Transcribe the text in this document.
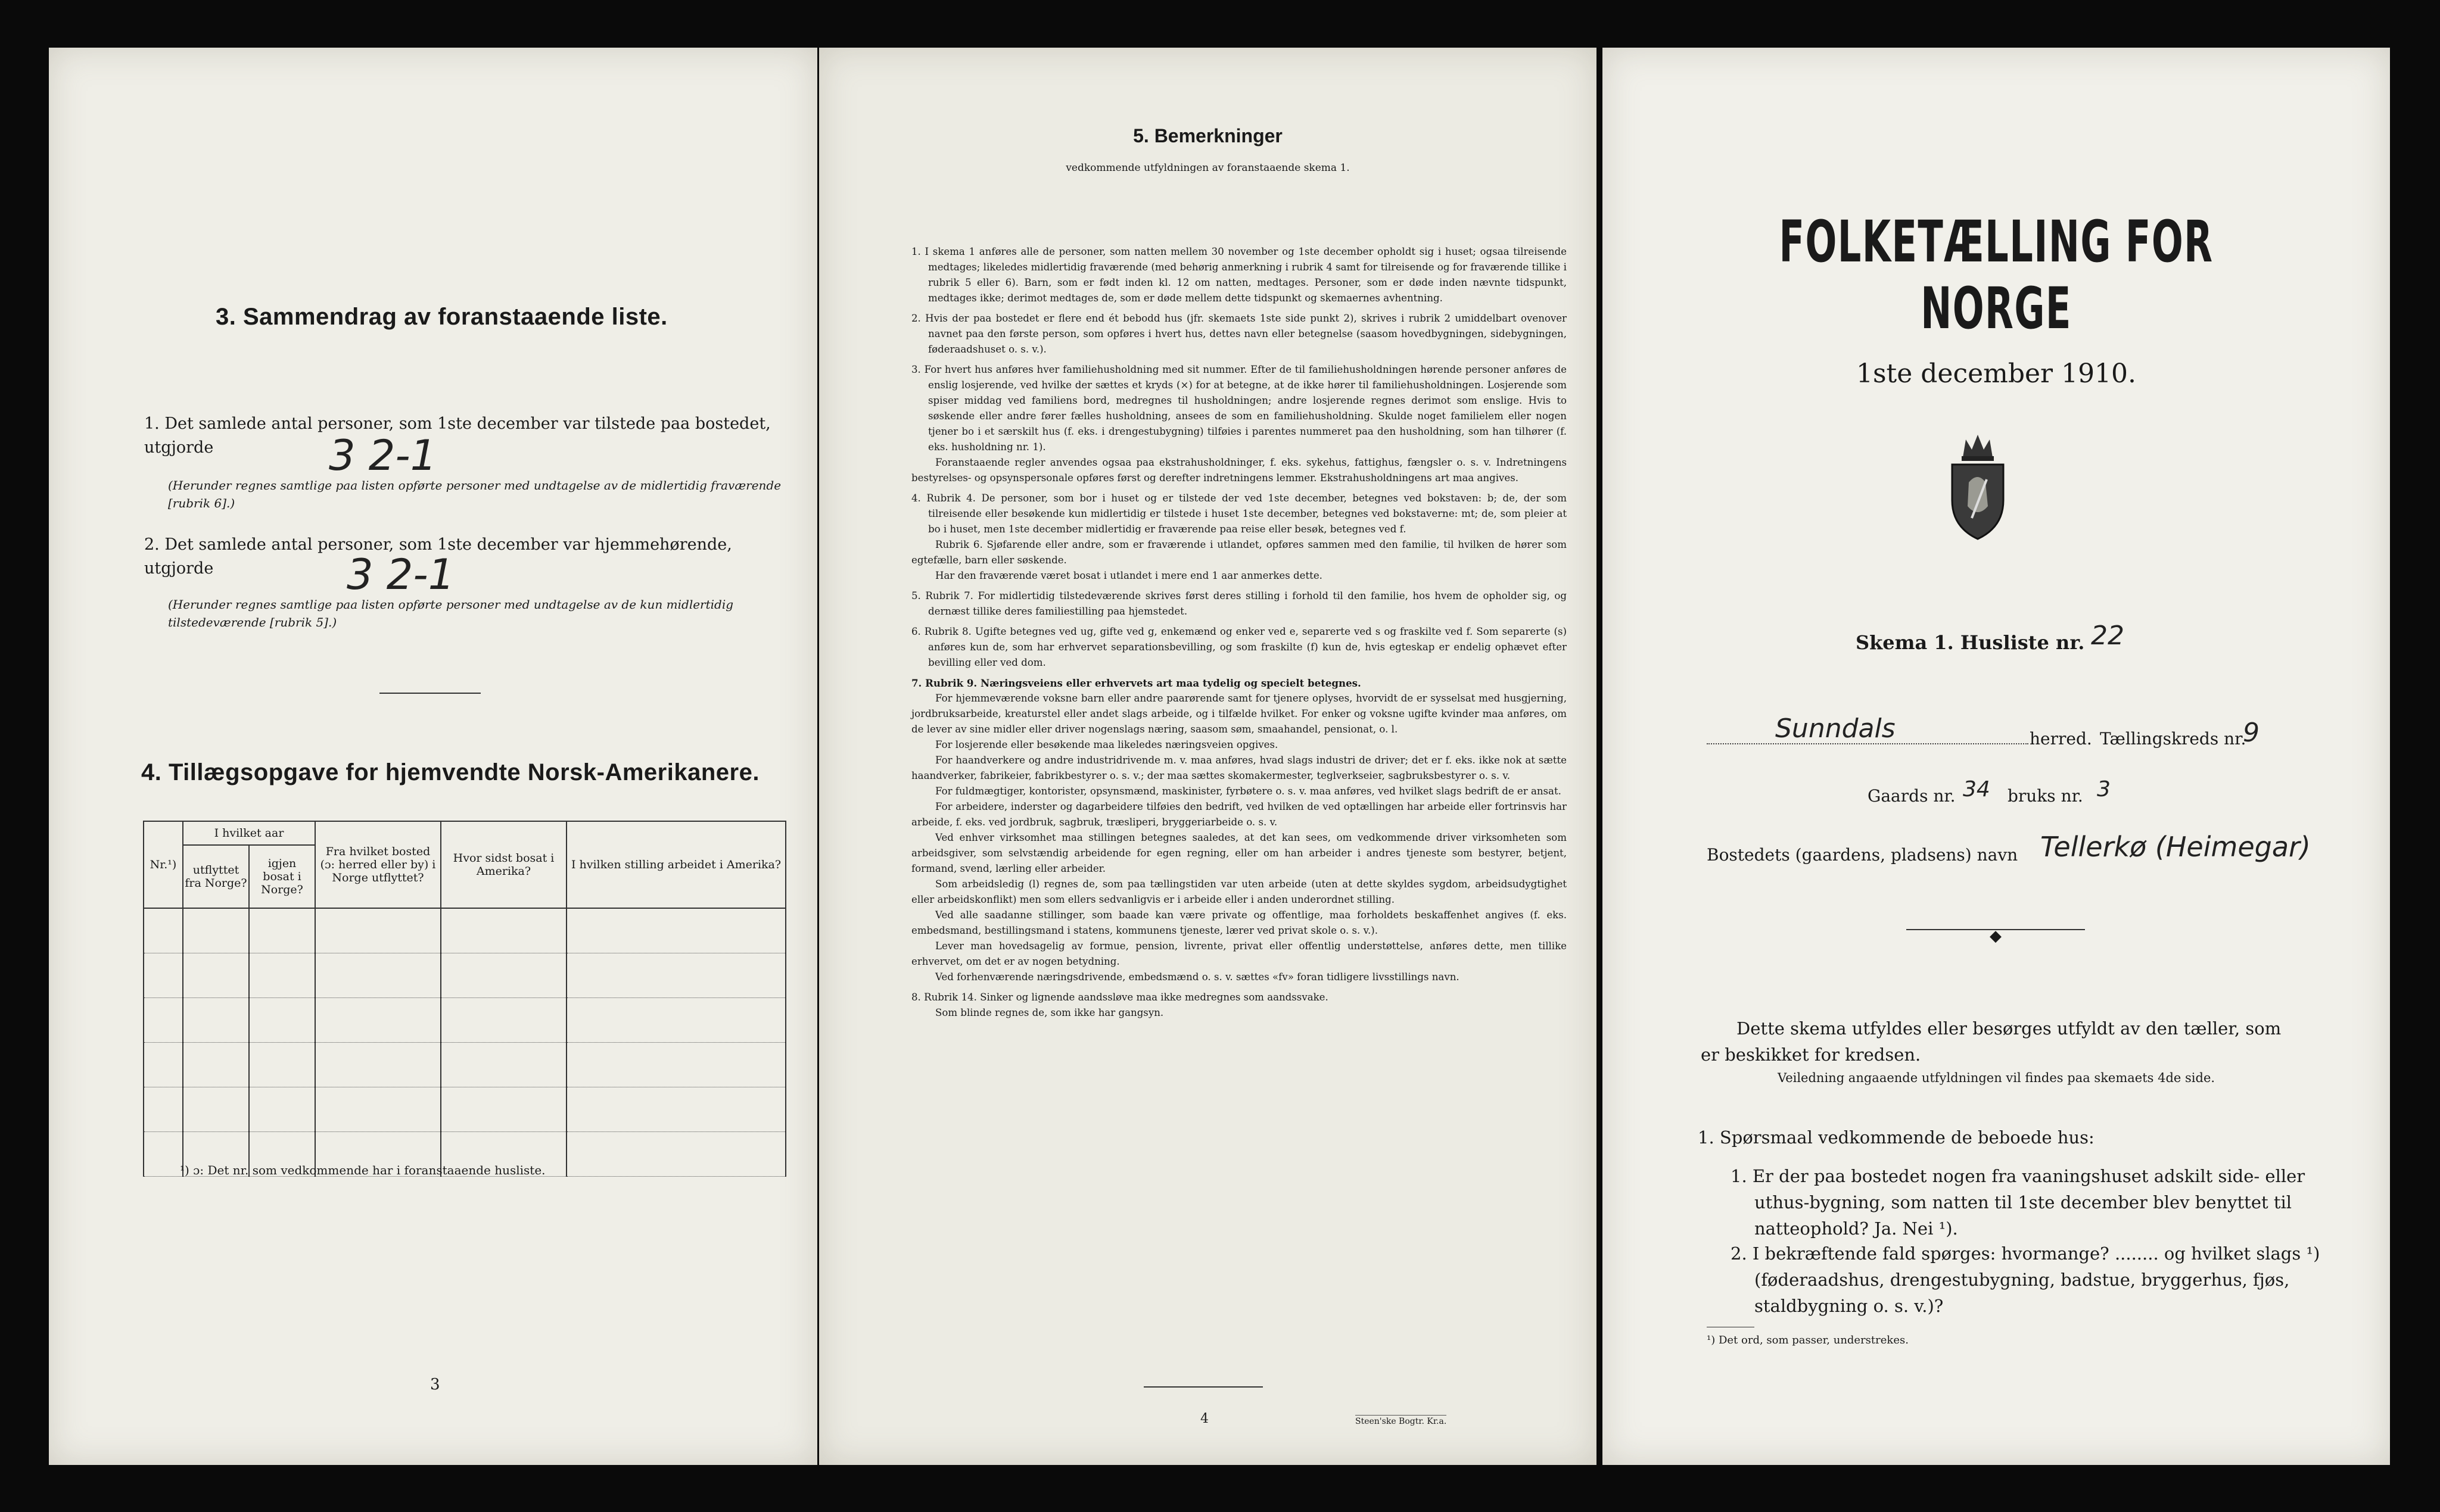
3. Sammendrag av foranstaaende liste.
1. Det samlede antal personer, som 1ste december var tilstede paa bostedet, utgjorde	3 2-1
(Herunder regnes samtlige paa listen opførte personer med undtagelse av de midlertidig fraværende [rubrik 6].)
2. Det samlede antal personer, som 1ste december var hjemmehørende, utgjorde	3 2-1
(Herunder regnes samtlige paa listen opførte personer med undtagelse av de kun midlertidig tilstedeværende [rubrik 5].)
4. Tillægsopgave for hjemvendte Norsk-Amerikanere.
Nr.¹)	I hvilket aar		Fra hvilket bosted (ɔ: herred eller by) i Norge utflyttet?	Hvor sidst bosat i Amerika?	I hvilken stilling arbeidet i Amerika?
	utflyttet fra Norge?	igjen bosat i Norge?			

¹) ɔ: Det nr. som vedkommende har i foranstaaende husliste.
3
5. Bemerkninger
vedkommende utfyldningen av foranstaaende skema 1.

1. I skema 1 anføres alle de personer, som natten mellem 30 november og 1ste december opholdt sig i huset; ogsaa tilreisende medtages; likeledes midlertidig fraværende (med behørig anmerkning i rubrik 4 samt for tilreisende og for fraværende tillike i rubrik 5 eller 6). Barn, som er født inden kl. 12 om natten, medtages. Personer, som er døde inden nævnte tidspunkt, medtages ikke; derimot medtages de, som er døde mellem dette tidspunkt og skemaernes avhentning.

2. Hvis der paa bostedet er flere end ét bebodd hus (jfr. skemaets 1ste side punkt 2), skrives i rubrik 2 umiddelbart ovenover navnet paa den første person, som opføres i hvert hus, dettes navn eller betegnelse (saasom hovedbygningen, sidebygningen, føderaadshuset o. s. v.).

3. For hvert hus anføres hver familiehusholdning med sit nummer. Efter de til familiehusholdningen hørende personer anføres de enslig losjerende, ved hvilke der sættes et kryds (×) for at betegne, at de ikke hører til familiehusholdningen. Losjerende som spiser middag ved familiens bord, medregnes til husholdningen; andre losjerende regnes derimot som enslige. Hvis to søskende eller andre fører fælles husholdning, ansees de som en familiehusholdning. Skulde noget familielem eller nogen tjener bo i et særskilt hus (f. eks. i drengestubygning) tilføies i parentes nummeret paa den husholdning, som han tilhører (f. eks. husholdning nr. 1).

Foranstaaende regler anvendes ogsaa paa ekstrahusholdninger, f. eks. sykehus, fattighus, fængsler o. s. v. Indretningens bestyrelses- og opsynspersonale opføres først og derefter indretningens lemmer. Ekstrahusholdningens art maa angives.

4. Rubrik 4. De personer, som bor i huset og er tilstede der ved 1ste december, betegnes ved bokstaven: b; de, der som tilreisende eller besøkende kun midlertidig er tilstede i huset 1ste december, betegnes ved bokstaverne: mt; de, som pleier at bo i huset, men 1ste december midlertidig er fraværende paa reise eller besøk, betegnes ved f.

Rubrik 6. Sjøfarende eller andre, som er fraværende i utlandet, opføres sammen med den familie, til hvilken de hører som egtefælle, barn eller søskende.

Har den fraværende været bosat i utlandet i mere end 1 aar anmerkes dette.

5. Rubrik 7. For midlertidig tilstedeværende skrives først deres stilling i forhold til den familie, hos hvem de opholder sig, og dernæst tillike deres familiestilling paa hjemstedet.

6. Rubrik 8. Ugifte betegnes ved ug, gifte ved g, enkemænd og enker ved e, separerte ved s og fraskilte ved f. Som separerte (s) anføres kun de, som har erhvervet separationsbevilling, og som fraskilte (f) kun de, hvis egteskap er endelig ophævet efter bevilling eller ved dom.

7. Rubrik 9. Næringsveiens eller erhvervets art maa tydelig og specielt betegnes.

For hjemmeværende voksne barn eller andre paarørende samt for tjenere oplyses, hvorvidt de er sysselsat med husgjerning, jordbruksarbeide, kreaturstel eller andet slags arbeide, og i tilfælde hvilket. For enker og voksne ugifte kvinder maa anføres, om de lever av sine midler eller driver nogenslags næring, saasom søm, smaahandel, pensionat, o. l.

For losjerende eller besøkende maa likeledes næringsveien opgives.

For haandverkere og andre industridrivende m. v. maa anføres, hvad slags industri de driver; det er f. eks. ikke nok at sætte haandverker, fabrikeier, fabrikbestyrer o. s. v.; der maa sættes skomakermester, teglverkseier, sagbruksbestyrer o. s. v.

For fuldmægtiger, kontorister, opsynsmænd, maskinister, fyrbøtere o. s. v. maa anføres, ved hvilket slags bedrift de er ansat.

For arbeidere, inderster og dagarbeidere tilføies den bedrift, ved hvilken de ved optællingen har arbeide eller fortrinsvis har arbeide, f. eks. ved jordbruk, sagbruk, træsliperi, bryggeriarbeide o. s. v.

Ved enhver virksomhet maa stillingen betegnes saaledes, at det kan sees, om vedkommende driver virksomheten som arbeidsgiver, som selvstændig arbeidende for egen regning, eller om han arbeider i andres tjeneste som bestyrer, betjent, formand, svend, lærling eller arbeider.

Som arbeidsledig (l) regnes de, som paa tællingstiden var uten arbeide (uten at dette skyldes sygdom, arbeidsudygtighet eller arbeidskonflikt) men som ellers sedvanligvis er i arbeide eller i anden underordnet stilling.

Ved alle saadanne stillinger, som baade kan være private og offentlige, maa forholdets beskaffenhet angives (f. eks. embedsmand, bestillingsmand i statens, kommunens tjeneste, lærer ved privat skole o. s. v.).

Lever man hovedsagelig av formue, pension, livrente, privat eller offentlig understøttelse, anføres dette, men tillike erhvervet, om det er av nogen betydning.

Ved forhenværende næringsdrivende, embedsmænd o. s. v. sættes «fv» foran tidligere livsstillings navn.

8. Rubrik 14. Sinker og lignende aandssløve maa ikke medregnes som aandssvake.

Som blinde regnes de, som ikke har gangsyn.

4	Steen'ske Bogtr. Kr.a.
FOLKETÆLLING FOR NORGE
1ste december 1910.
Skema 1. Husliste nr. 22
Sunndals	herred. Tællingskreds nr.
9
Gaards nr. 34 bruks nr. 3
Bostedets (gaardens, pladsens) navn Tellerkø (Heimegar)
◆
Dette skema utfyldes eller besørges utfyldt av den tæller, som er beskikket for kredsen.
Veiledning angaaende utfyldningen vil findes paa skemaets 4de side.
1. Spørsmaal vedkommende de beboede hus:
1. Er der paa bostedet nogen fra vaaningshuset adskilt side- eller uthus-bygning, som natten til 1ste december blev benyttet til natteophold? Ja. Nei ¹).
2. I bekræftende fald spørges: hvormange? ........ og hvilket slags ¹) (føderaadshus, drengestubygning, badstue, bryggerhus, fjøs, staldbygning o. s. v.)?
¹) Det ord, som passer, understrekes.
